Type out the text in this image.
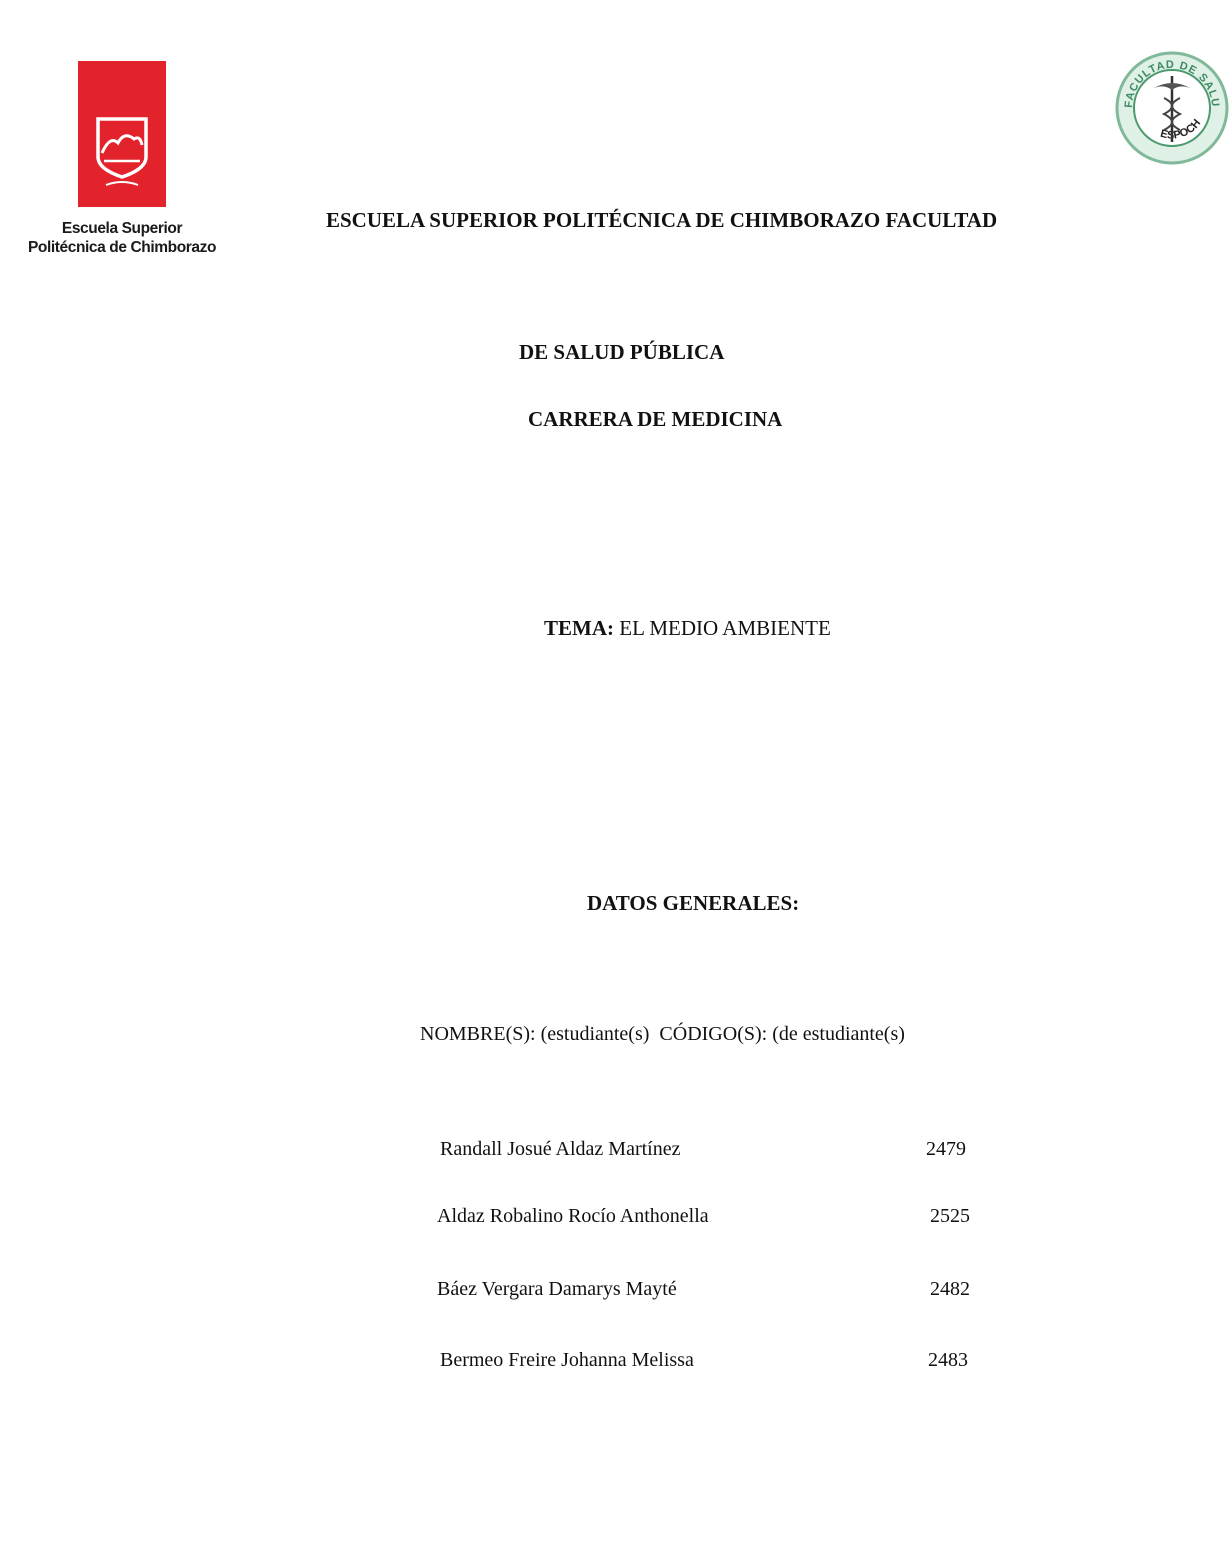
Escuela Superior
Politécnica de Chimborazo
FACULTAD DE SALU
ESPOCH
ESCUELA SUPERIOR POLITÉCNICA DE CHIMBORAZO FACULTAD
DE SALUD PÚBLICA
CARRERA DE MEDICINA
TEMA: EL MEDIO AMBIENTE
DATOS GENERALES:
NOMBRE(S): (estudiante(s)  CÓDIGO(S): (de estudiante(s)
Randall Josué Aldaz Martínez	2479
Aldaz Robalino Rocío Anthonella	2525
Báez Vergara Damarys Mayté	2482
Bermeo Freire Johanna Melissa	2483
